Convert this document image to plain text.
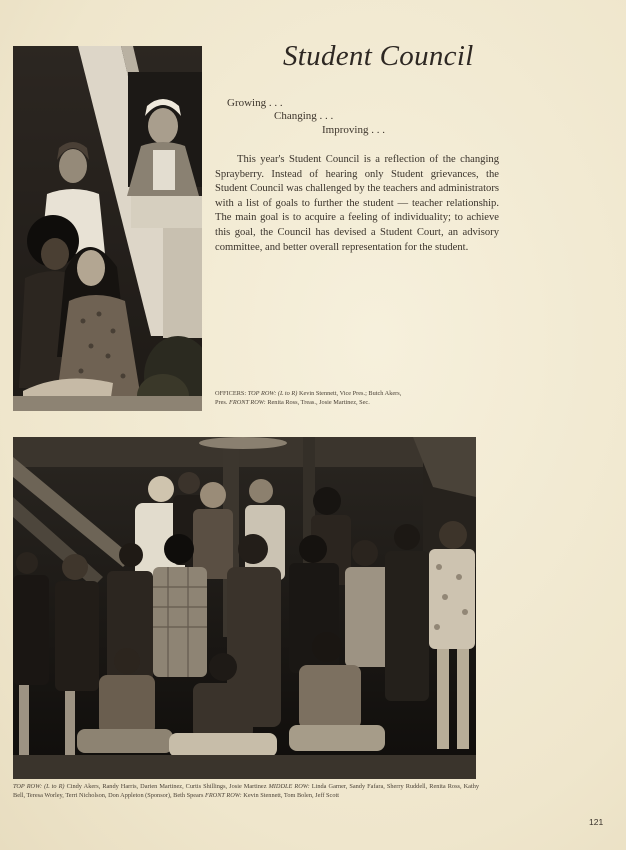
Student Council
Growing . . .
Changing . . .
Improving . . .

This year's Student Council is a reflection of the changing Sprayberry. Instead of hearing only Student grievances, the Student Council was challenged by the teachers and administrators with a list of goals to further the student — teacher relationship. The main goal is to acquire a feeling of individuality; to achieve this goal, the Council has devised a Student Court, an advisory committee, and better overall representation for the student.

OFFICERS: TOP ROW: (L to R) Kevin Stennett, Vice Pres.; Butch Akers, Pres. FRONT ROW: Renita Ross, Treas., Josie Martinez, Sec.

TOP ROW: (L to R) Cindy Akers, Randy Harris, Darien Martinez, Curtis Shillings, Josie Martinez MIDDLE ROW: Linda Garner, Sandy Fafara, Sherry Ruddell, Renita Ross, Kathy Bell, Teresa Worley, Terri Nicholson, Don Appleton (Sponsor), Beth Spears FRONT ROW: Kevin Stennett, Tom Bolen, Jeff Scott

121
